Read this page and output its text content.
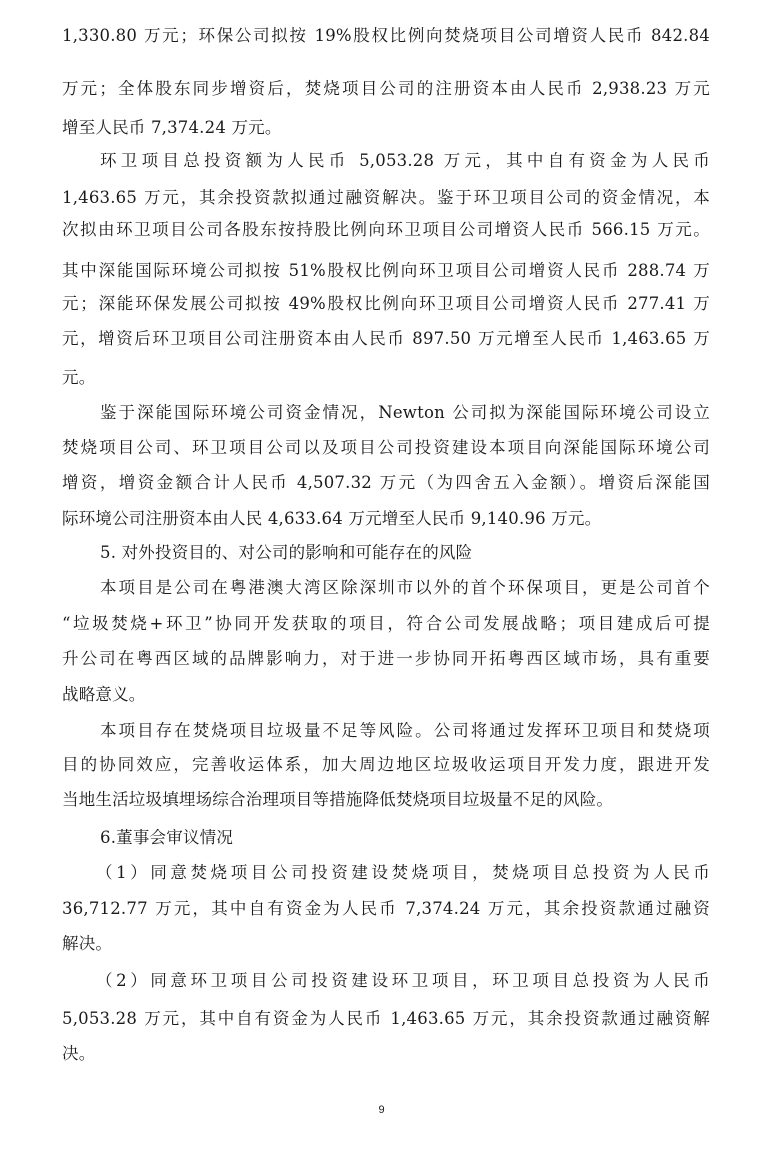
1,330.80 万元；环保公司拟按 19%股权比例向焚烧项目公司增资人民币 842.84
万元；全体股东同步增资后，焚烧项目公司的注册资本由人民币 2,938.23 万元
增至人民币 7,374.24 万元。
环卫项目总投资额为人民币 5,053.28 万元，其中自有资金为人民币
1,463.65 万元，其余投资款拟通过融资解决。鉴于环卫项目公司的资金情况，本
次拟由环卫项目公司各股东按持股比例向环卫项目公司增资人民币 566.15 万元。
其中深能国际环境公司拟按 51%股权比例向环卫项目公司增资人民币 288.74 万
元；深能环保发展公司拟按 49%股权比例向环卫项目公司增资人民币 277.41 万
元，增资后环卫项目公司注册资本由人民币 897.50 万元增至人民币 1,463.65 万
元。
鉴于深能国际环境公司资金情况，Newton 公司拟为深能国际环境公司设立
焚烧项目公司、环卫项目公司以及项目公司投资建设本项目向深能国际环境公司
增资，增资金额合计人民币 4,507.32 万元（为四舍五入金额）。增资后深能国
际环境公司注册资本由人民 4,633.64 万元增至人民币 9,140.96 万元。
5. 对外投资目的、对公司的影响和可能存在的风险
本项目是公司在粤港澳大湾区除深圳市以外的首个环保项目，更是公司首个
“垃圾焚烧+环卫”协同开发获取的项目，符合公司发展战略；项目建成后可提
升公司在粤西区域的品牌影响力，对于进一步协同开拓粤西区域市场，具有重要
战略意义。
本项目存在焚烧项目垃圾量不足等风险。公司将通过发挥环卫项目和焚烧项
目的协同效应，完善收运体系，加大周边地区垃圾收运项目开发力度，跟进开发
当地生活垃圾填埋场综合治理项目等措施降低焚烧项目垃圾量不足的风险。
6.董事会审议情况
（1）同意焚烧项目公司投资建设焚烧项目，焚烧项目总投资为人民币
36,712.77 万元，其中自有资金为人民币 7,374.24 万元，其余投资款通过融资
解决。
（2）同意环卫项目公司投资建设环卫项目，环卫项目总投资为人民币
5,053.28 万元，其中自有资金为人民币 1,463.65 万元，其余投资款通过融资解
决。
9
